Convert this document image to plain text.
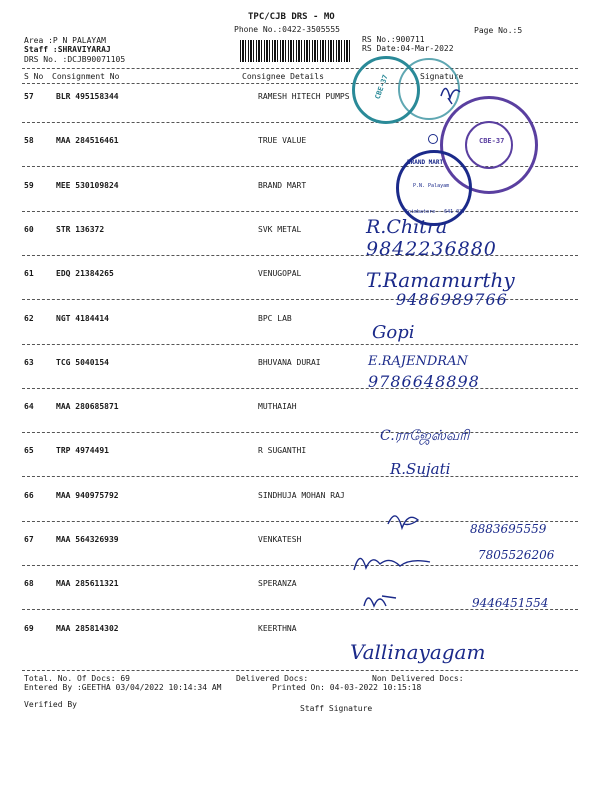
TPC/CJB DRS - MO
Phone No.:0422-3505555	Page No.:5
Area :P N PALAYAM
Staff :SHRAVIYARAJ
DRS No. :DCJB90071105
RS No.:900711
RS Date:04-Mar-2022
S No Consignment No	Consignee Details	Signature
57	BLR 495158344	RAMESH HITECH PUMPS
58	MAA 284516461	TRUE VALUE
59	MEE 530109824	BRAND MART
60	STR 136372	SVK METAL
61	EDQ 21384265	VENUGOPAL
62	NGT 4184414	BPC LAB
63	TCG 5040154	BHUVANA DURAI
64	MAA 280685871	MUTHAIAH
65	TRP 4974491	R SUGANTHI
66	MAA 940975792	SINDHUJA MOHAN RAJ
67	MAA 564326939	VENKATESH
68	MAA 285611321	SPERANZA
69	MAA 285814302	KEERTHNA
CBE-37
CBE-37
BRAND MART
P.N. Palayam
Coimbatore - 641 037
R.Chitra
9842236880
T.Ramamurthy
9486989766
Gopi
E.RAJENDRAN
9786648898
C.ராஜேஸ்வரி
R.Sujati
8883695559
7805526206
9446451554
Vallinayagam
Total. No. Of Docs: 69	Delivered Docs:	Non Delivered Docs:
Entered By :GEETHA 03/04/2022 10:14:34 AM	Printed On: 04-03-2022 10:15:18
Verified By	Staff Signature
